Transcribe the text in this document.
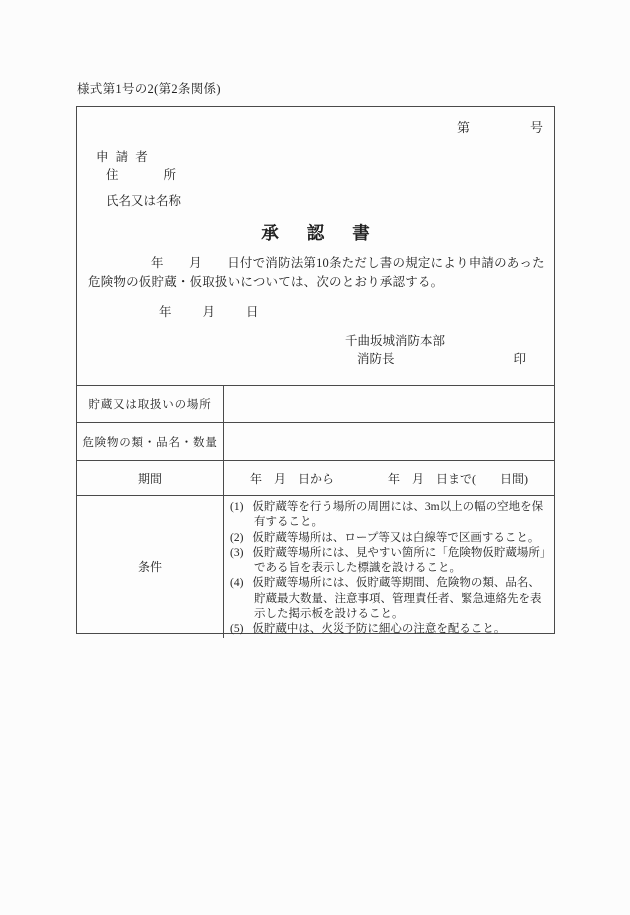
様式第1号の2(第2条関係)
第	号
申 請 者
住	所
氏名又は名称
承認書
年　　月　　日付で消防法第10条ただし書の規定により申請のあった危険物の仮貯蔵・仮取扱いについては、次のとおり承認する。
年 月 日
千曲坂城消防本部
消防長	印
貯蔵又は取扱いの場所
危険物の類・品名・数量
期 間	年　月　日から	年　月　日まで(　　日間)
条 件
(1) 仮貯蔵等を行う場所の周囲には、3m以上の幅の空地を保有すること。
(2) 仮貯蔵等場所は、ロープ等又は白線等で区画すること。
(3) 仮貯蔵等場所には、見やすい箇所に「危険物仮貯蔵場所」である旨を表示した標識を設けること。
(4) 仮貯蔵等場所には、仮貯蔵等期間、危険物の類、品名、貯蔵最大数量、注意事項、管理責任者、緊急連絡先を表示した掲示板を設けること。
(5) 仮貯蔵中は、火災予防に細心の注意を配ること。
